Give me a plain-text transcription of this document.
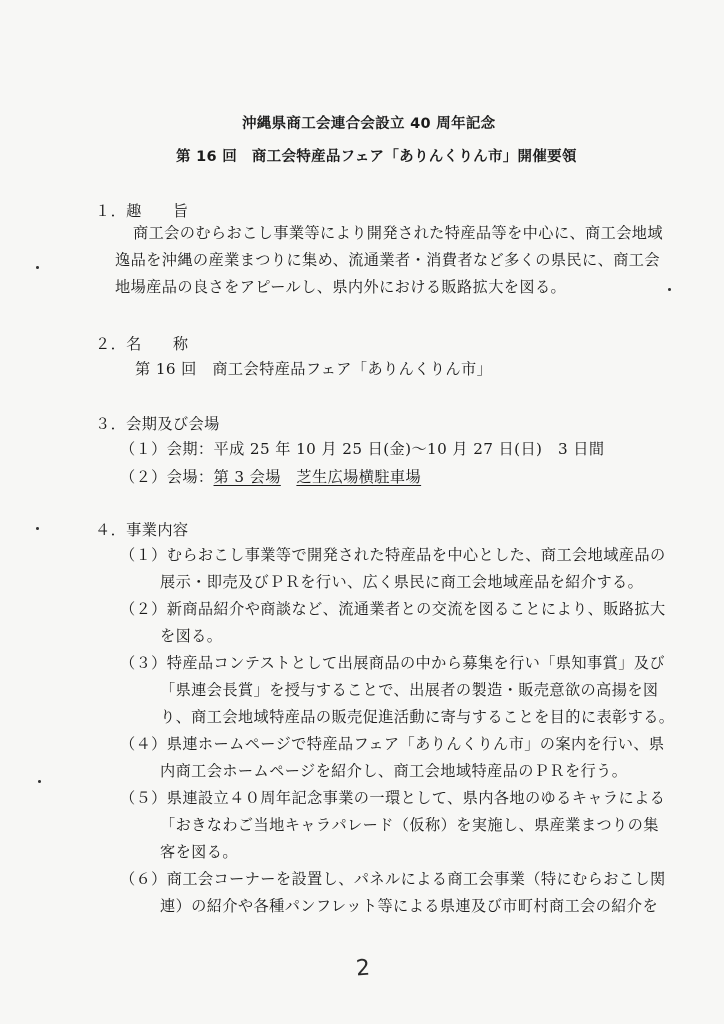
沖縄県商工会連合会設立 40 周年記念
第 16 回　商工会特産品フェア「ありんくりん市」開催要領
１．趣　　旨
商工会のむらおこし事業等により開発された特産品等を中心に、商工会地域
逸品を沖縄の産業まつりに集め、流通業者・消費者など多くの県民に、商工会
地場産品の良さをアピールし、県内外における販路拡大を図る。
２．名　　称
第 16 回　商工会特産品フェア「ありんくりん市」
３．会期及び会場
（１）会期：平成 25 年 10 月 25 日(金)～10 月 27 日(日)　3 日間
（２）会場：第 3 会場　 芝生広場横駐車場
４．事業内容
（１）むらおこし事業等で開発された特産品を中心とした、商工会地域産品の
展示・即売及びＰＲを行い、広く県民に商工会地域産品を紹介する。
（２）新商品紹介や商談など、流通業者との交流を図ることにより、販路拡大
を図る。
（３）特産品コンテストとして出展商品の中から募集を行い「県知事賞」及び
「県連会長賞」を授与することで、出展者の製造・販売意欲の高揚を図
り、商工会地域特産品の販売促進活動に寄与することを目的に表彰する。
（４）県連ホームページで特産品フェア「ありんくりん市」の案内を行い、県
内商工会ホームページを紹介し、商工会地域特産品のＰＲを行う。
（５）県連設立４０周年記念事業の一環として、県内各地のゆるキャラによる
「おきなわご当地キャラパレード（仮称）を実施し、県産業まつりの集
客を図る。
（６）商工会コーナーを設置し、パネルによる商工会事業（特にむらおこし関
連）の紹介や各種パンフレット等による県連及び市町村商工会の紹介を
2
